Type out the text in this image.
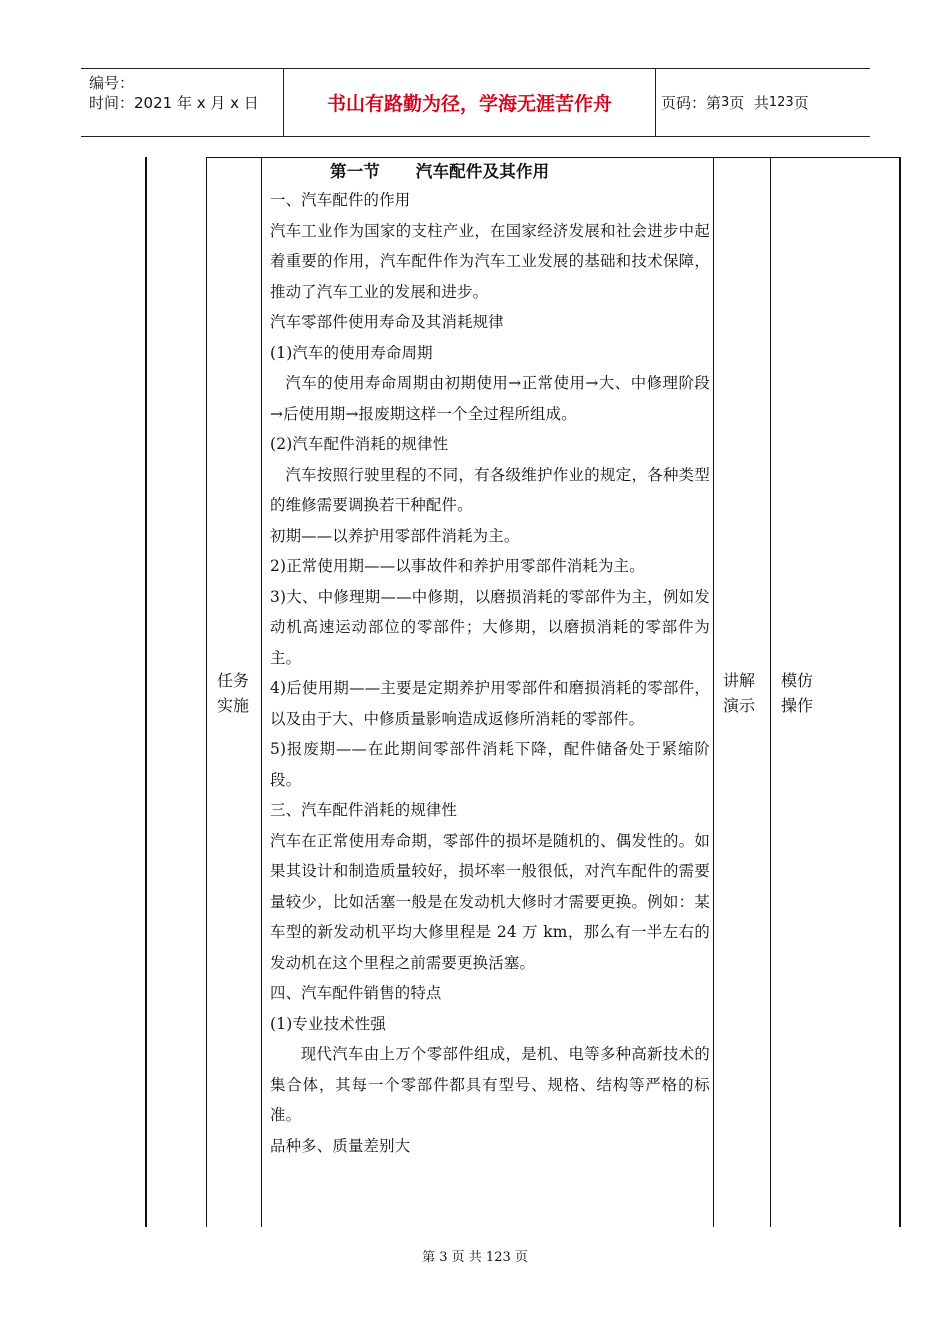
编号：
时间：2021 年 x 月 x 日	书山有路勤为径，学海无涯苦作舟	页码：第 3 页  共 123 页
任务
实施
讲解
演示
模仿
操作

第一节      汽车配件及其作用

一、汽车配件的作用

汽车工业作为国家的支柱产业，在国家经济发展和社会进步中起着重要的作用，汽车配件作为汽车工业发展的基础和技术保障，推动了汽车工业的发展和进步。

汽车零部件使用寿命及其消耗规律

(1)汽车的使用寿命周期

汽车的使用寿命周期由初期使用→正常使用→大、中修理阶段→后使用期→报废期这样一个全过程所组成。

(2)汽车配件消耗的规律性

汽车按照行驶里程的不同，有各级维护作业的规定，各种类型的维修需要调换若干种配件。

初期——以养护用零部件消耗为主。

2)正常使用期——以事故件和养护用零部件消耗为主。

3)大、中修理期——中修期，以磨损消耗的零部件为主，例如发动机高速运动部位的零部件；大修期，以磨损消耗的零部件为主。

4)后使用期——主要是定期养护用零部件和磨损消耗的零部件，以及由于大、中修质量影响造成返修所消耗的零部件。

5)报废期——在此期间零部件消耗下降，配件储备处于紧缩阶段。

三、汽车配件消耗的规律性

汽车在正常使用寿命期，零部件的损坏是随机的、偶发性的。如果其设计和制造质量较好，损坏率一般很低，对汽车配件的需要量较少，比如活塞一般是在发动机大修时才需要更换。例如：某车型的新发动机平均大修里程是 24 万 km，那么有一半左右的发动机在这个里程之前需要更换活塞。

四、汽车配件销售的特点

(1)专业技术性强

现代汽车由上万个零部件组成，是机、电等多种高新技术的集合体，其每一个零部件都具有型号、规格、结构等严格的标准。

品种多、质量差别大

第 3 页 共 123 页
